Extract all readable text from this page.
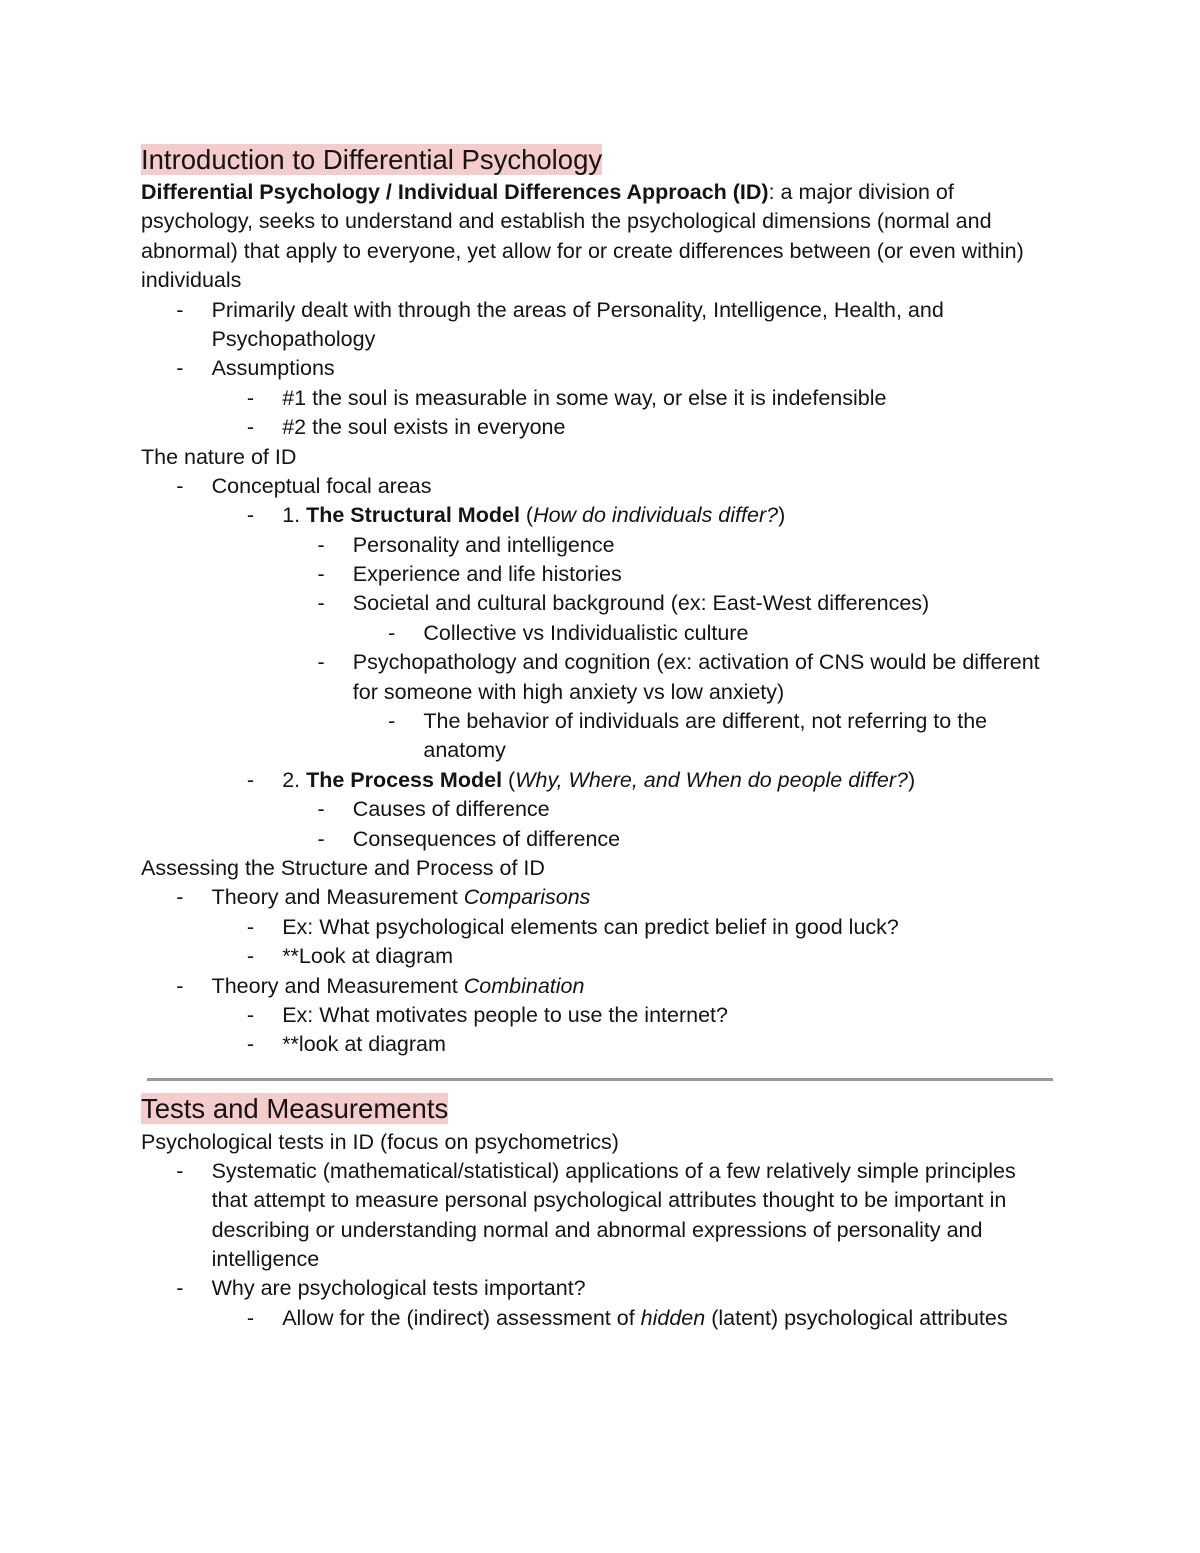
Introduction to Differential Psychology
Differential Psychology / Individual Differences Approach (ID): a major division of
psychology, seeks to understand and establish the psychological dimensions (normal and
abnormal) that apply to everyone, yet allow for or create differences between (or even within)
individuals
- Primarily dealt with through the areas of Personality, Intelligence, Health, and
Psychopathology
- Assumptions
- #1 the soul is measurable in some way, or else it is indefensible
- #2 the soul exists in everyone
The nature of ID
- Conceptual focal areas
- 1. The Structural Model (How do individuals differ?)
- Personality and intelligence
- Experience and life histories
- Societal and cultural background (ex: East-West differences)
- Collective vs Individualistic culture
- Psychopathology and cognition (ex: activation of CNS would be different
for someone with high anxiety vs low anxiety)
- The behavior of individuals are different, not referring to the
anatomy
- 2. The Process Model (Why, Where, and When do people differ?)
- Causes of difference
- Consequences of difference
Assessing the Structure and Process of ID
- Theory and Measurement Comparisons
- Ex: What psychological elements can predict belief in good luck?
- **Look at diagram
- Theory and Measurement Combination
- Ex: What motivates people to use the internet?
- **look at diagram
Tests and Measurements
Psychological tests in ID (focus on psychometrics)
- Systematic (mathematical/statistical) applications of a few relatively simple principles
that attempt to measure personal psychological attributes thought to be important in
describing or understanding normal and abnormal expressions of personality and
intelligence
- Why are psychological tests important?
- Allow for the (indirect) assessment of hidden (latent) psychological attributes
